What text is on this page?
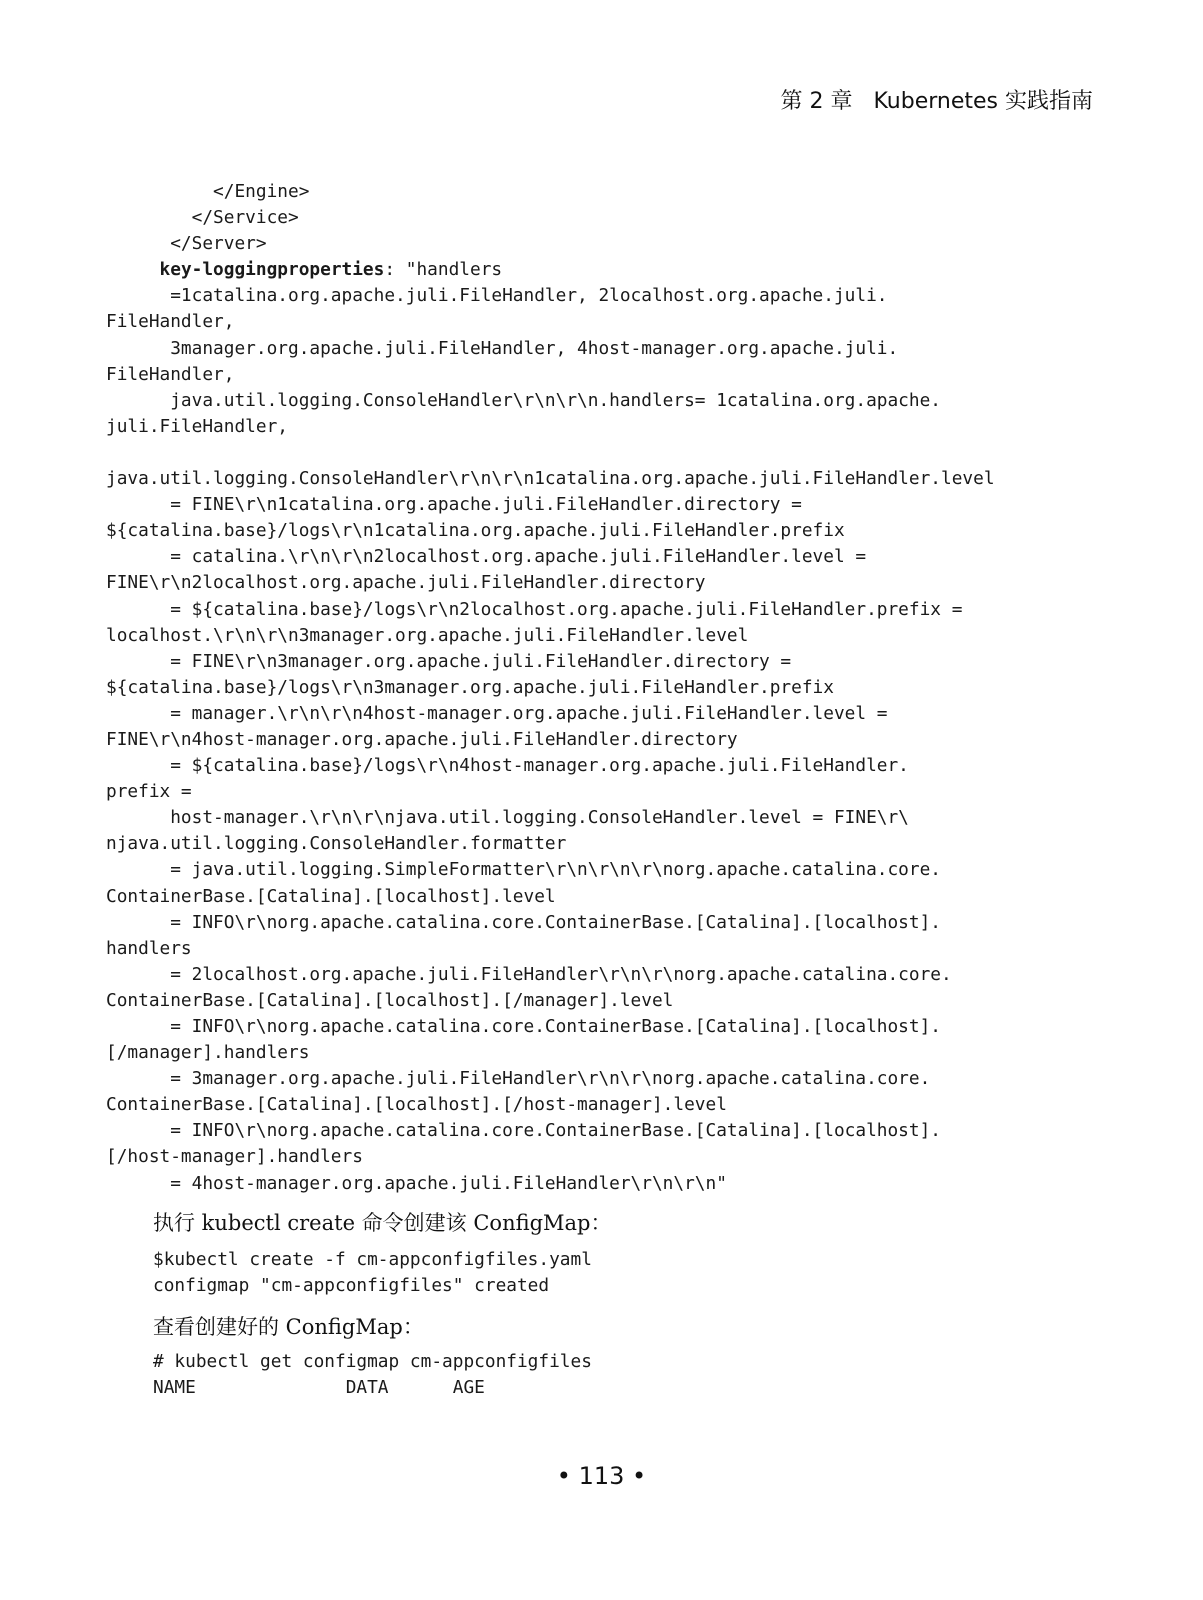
第 2 章 Kubernetes 实践指南
</Engine>
</Service>
</Server>
key-loggingproperties: "handlers
=1catalina.org.apache.juli.FileHandler, 2localhost.org.apache.juli.
FileHandler,
3manager.org.apache.juli.FileHandler, 4host-manager.org.apache.juli.
FileHandler,
java.util.logging.ConsoleHandler\r\n\r\n.handlers= 1catalina.org.apache.
juli.FileHandler,
java.util.logging.ConsoleHandler\r\n\r\n1catalina.org.apache.juli.FileHandler.level
= FINE\r\n1catalina.org.apache.juli.FileHandler.directory =
${catalina.base}/logs\r\n1catalina.org.apache.juli.FileHandler.prefix
= catalina.\r\n\r\n2localhost.org.apache.juli.FileHandler.level =
FINE\r\n2localhost.org.apache.juli.FileHandler.directory
= ${catalina.base}/logs\r\n2localhost.org.apache.juli.FileHandler.prefix =
localhost.\r\n\r\n3manager.org.apache.juli.FileHandler.level
= FINE\r\n3manager.org.apache.juli.FileHandler.directory =
${catalina.base}/logs\r\n3manager.org.apache.juli.FileHandler.prefix
= manager.\r\n\r\n4host-manager.org.apache.juli.FileHandler.level =
FINE\r\n4host-manager.org.apache.juli.FileHandler.directory
= ${catalina.base}/logs\r\n4host-manager.org.apache.juli.FileHandler.
prefix =
host-manager.\r\n\r\njava.util.logging.ConsoleHandler.level = FINE\r\
njava.util.logging.ConsoleHandler.formatter
= java.util.logging.SimpleFormatter\r\n\r\n\r\norg.apache.catalina.core.
ContainerBase.[Catalina].[localhost].level
= INFO\r\norg.apache.catalina.core.ContainerBase.[Catalina].[localhost].
handlers
= 2localhost.org.apache.juli.FileHandler\r\n\r\norg.apache.catalina.core.
ContainerBase.[Catalina].[localhost].[/manager].level
= INFO\r\norg.apache.catalina.core.ContainerBase.[Catalina].[localhost].
[/manager].handlers
= 3manager.org.apache.juli.FileHandler\r\n\r\norg.apache.catalina.core.
ContainerBase.[Catalina].[localhost].[/host-manager].level
= INFO\r\norg.apache.catalina.core.ContainerBase.[Catalina].[localhost].
[/host-manager].handlers
= 4host-manager.org.apache.juli.FileHandler\r\n\r\n"
执行 kubectl create 命令创建该 ConfigMap：
$kubectl create -f cm-appconfigfiles.yaml
configmap "cm-appconfigfiles" created
查看创建好的 ConfigMap：
# kubectl get configmap cm-appconfigfiles
NAME              DATA      AGE
• 113 •
